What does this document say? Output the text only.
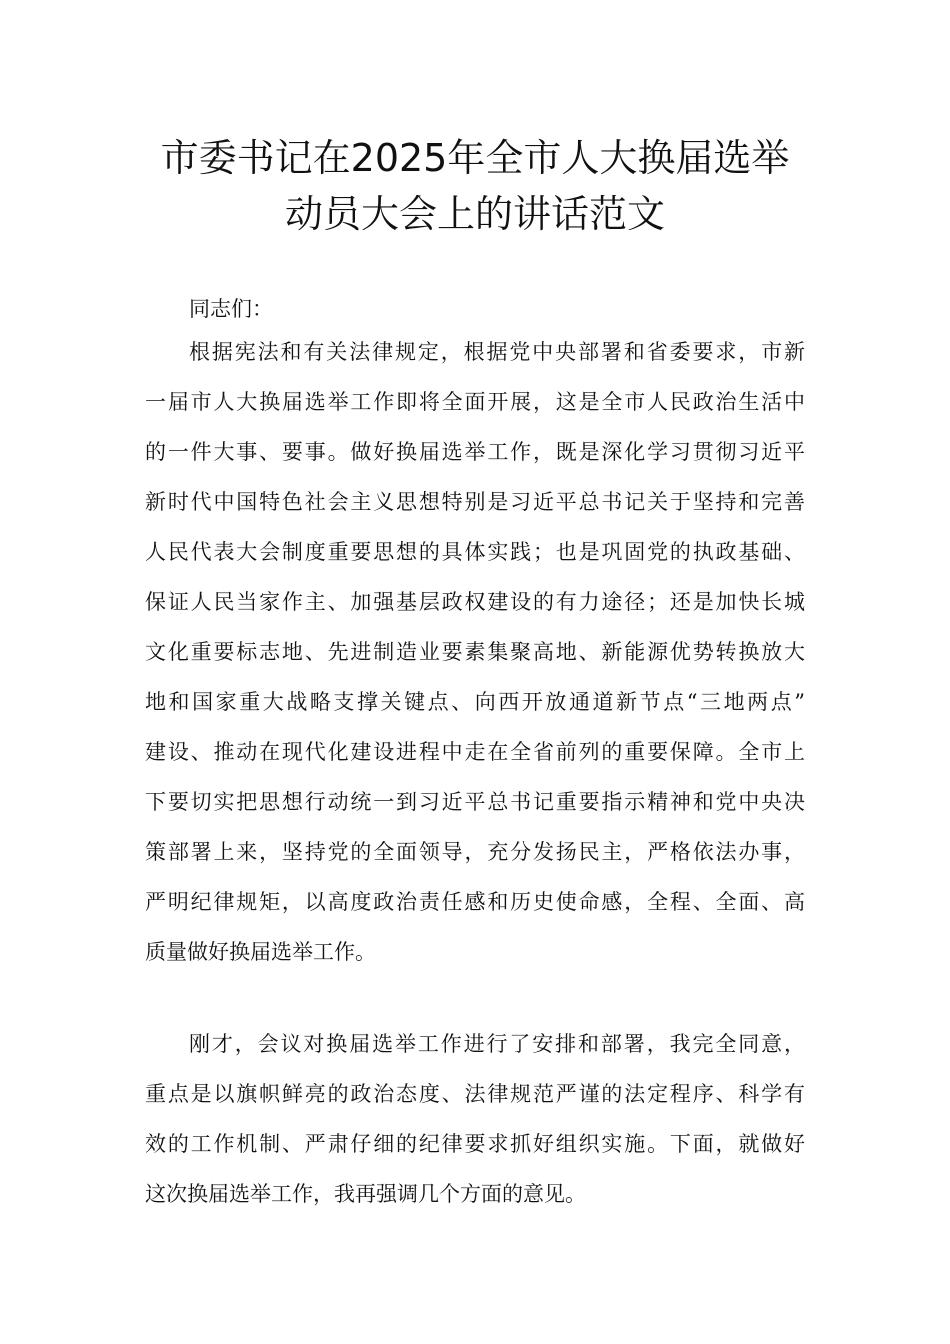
市委书记在2025年全市人大换届选举
动员大会上的讲话范文
同志们：
根据宪法和有关法律规定，根据党中央部署和省委要求，市新
一届市人大换届选举工作即将全面开展，这是全市人民政治生活中
的一件大事、要事。做好换届选举工作，既是深化学习贯彻习近平
新时代中国特色社会主义思想特别是习近平总书记关于坚持和完善
人民代表大会制度重要思想的具体实践；也是巩固党的执政基础、
保证人民当家作主、加强基层政权建设的有力途径；还是加快长城
文化重要标志地、先进制造业要素集聚高地、新能源优势转换放大
地和国家重大战略支撑关键点、向西开放通道新节点“三地两点”
建设、推动在现代化建设进程中走在全省前列的重要保障。全市上
下要切实把思想行动统一到习近平总书记重要指示精神和党中央决
策部署上来，坚持党的全面领导，充分发扬民主，严格依法办事，
严明纪律规矩，以高度政治责任感和历史使命感，全程、全面、高
质量做好换届选举工作。
刚才，会议对换届选举工作进行了安排和部署，我完全同意，
重点是以旗帜鲜亮的政治态度、法律规范严谨的法定程序、科学有
效的工作机制、严肃仔细的纪律要求抓好组织实施。下面，就做好
这次换届选举工作，我再强调几个方面的意见。
